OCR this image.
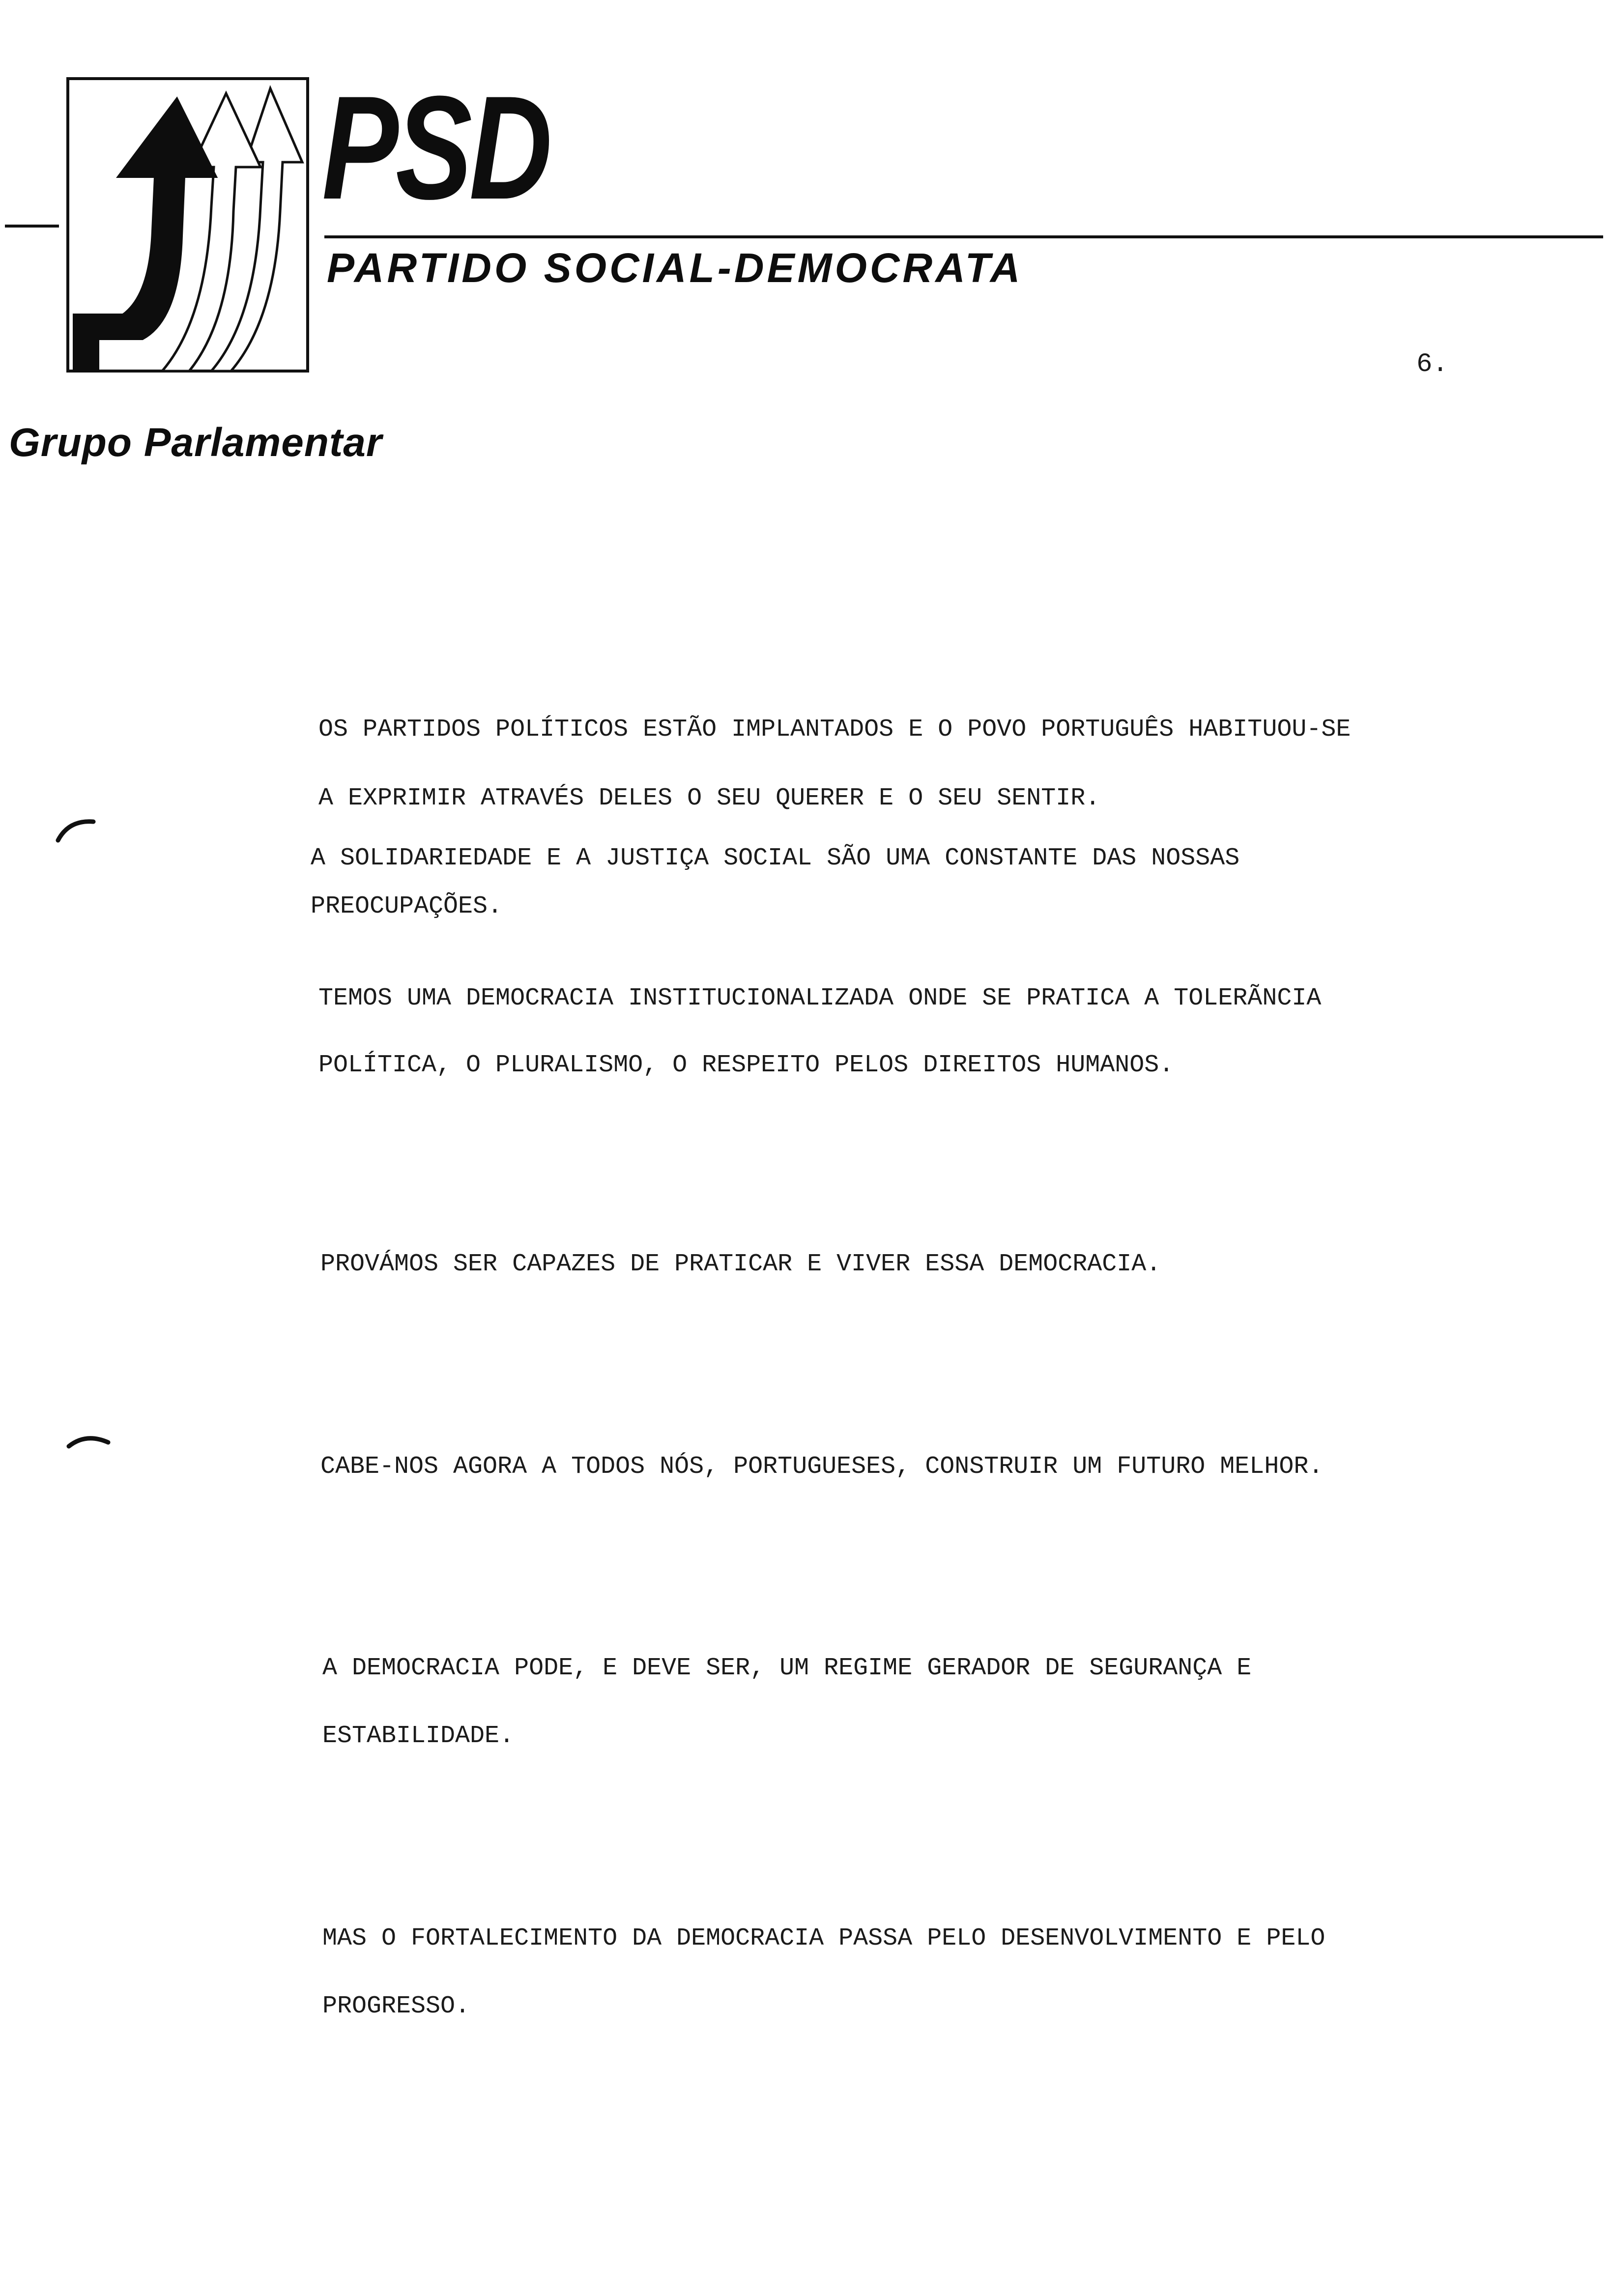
PSD
PARTIDO SOCIAL-DEMOCRATA
Grupo Parlamentar
6.
OS PARTIDOS POLÍTICOS ESTÃO IMPLANTADOS E O POVO PORTUGUÊS HABITUOU-SE
A EXPRIMIR ATRAVÉS DELES O SEU QUERER E O SEU SENTIR.
A SOLIDARIEDADE E A JUSTIÇA SOCIAL SÃO UMA CONSTANTE DAS NOSSAS
PREOCUPAÇÕES.
TEMOS UMA DEMOCRACIA INSTITUCIONALIZADA ONDE SE PRATICA A TOLERÃNCIA
POLÍTICA, O PLURALISMO, O RESPEITO PELOS DIREITOS HUMANOS.
PROVÁMOS SER CAPAZES DE PRATICAR E VIVER ESSA DEMOCRACIA.
CABE-NOS AGORA A TODOS NÓS, PORTUGUESES, CONSTRUIR UM FUTURO MELHOR.
A DEMOCRACIA PODE, E DEVE SER, UM REGIME GERADOR DE SEGURANÇA E
ESTABILIDADE.
MAS O FORTALECIMENTO DA DEMOCRACIA PASSA PELO DESENVOLVIMENTO E PELO
PROGRESSO.
